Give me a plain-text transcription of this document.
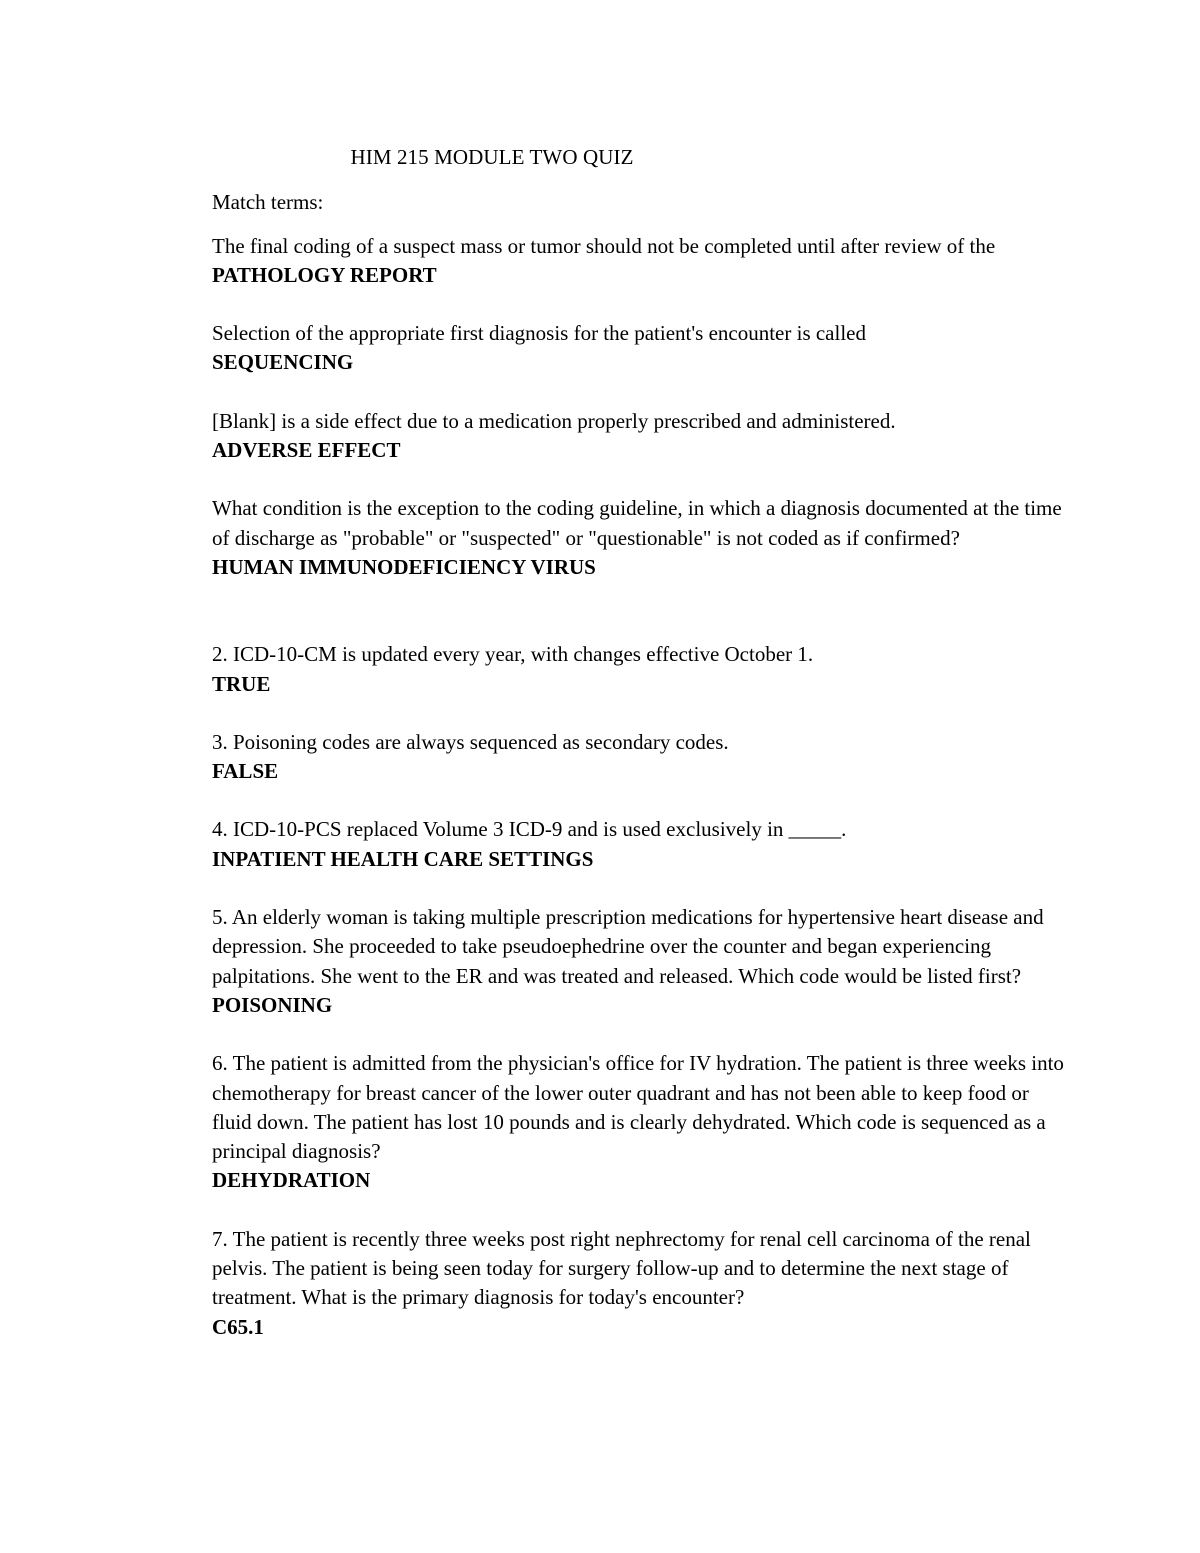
HIM 215 MODULE TWO QUIZ

Match terms:

The final coding of a suspect mass or tumor should not be completed until after review of the PATHOLOGY REPORT

Selection of the appropriate first diagnosis for the patient's encounter is called

SEQUENCING

[Blank] is a side effect due to a medication properly prescribed and administered.

ADVERSE EFFECT

What condition is the exception to the coding guideline, in which a diagnosis documented at the time of discharge as "probable" or "suspected" or "questionable" is not coded as if confirmed?

HUMAN IMMUNODEFICIENCY VIRUS

2. ICD-10-CM is updated every year, with changes effective October 1.

TRUE

3. Poisoning codes are always sequenced as secondary codes.

FALSE

4. ICD-10-PCS replaced Volume 3 ICD-9 and is used exclusively in _____.

INPATIENT HEALTH CARE SETTINGS

5. An elderly woman is taking multiple prescription medications for hypertensive heart disease and depression. She proceeded to take pseudoephedrine over the counter and began experiencing palpitations. She went to the ER and was treated and released. Which code would be listed first?

POISONING

6. The patient is admitted from the physician's office for IV hydration. The patient is three weeks into chemotherapy for breast cancer of the lower outer quadrant and has not been able to keep food or fluid down. The patient has lost 10 pounds and is clearly dehydrated. Which code is sequenced as a principal diagnosis?

DEHYDRATION

7. The patient is recently three weeks post right nephrectomy for renal cell carcinoma of the renal pelvis. The patient is being seen today for surgery follow-up and to determine the next stage of treatment. What is the primary diagnosis for today's encounter?

C65.1
